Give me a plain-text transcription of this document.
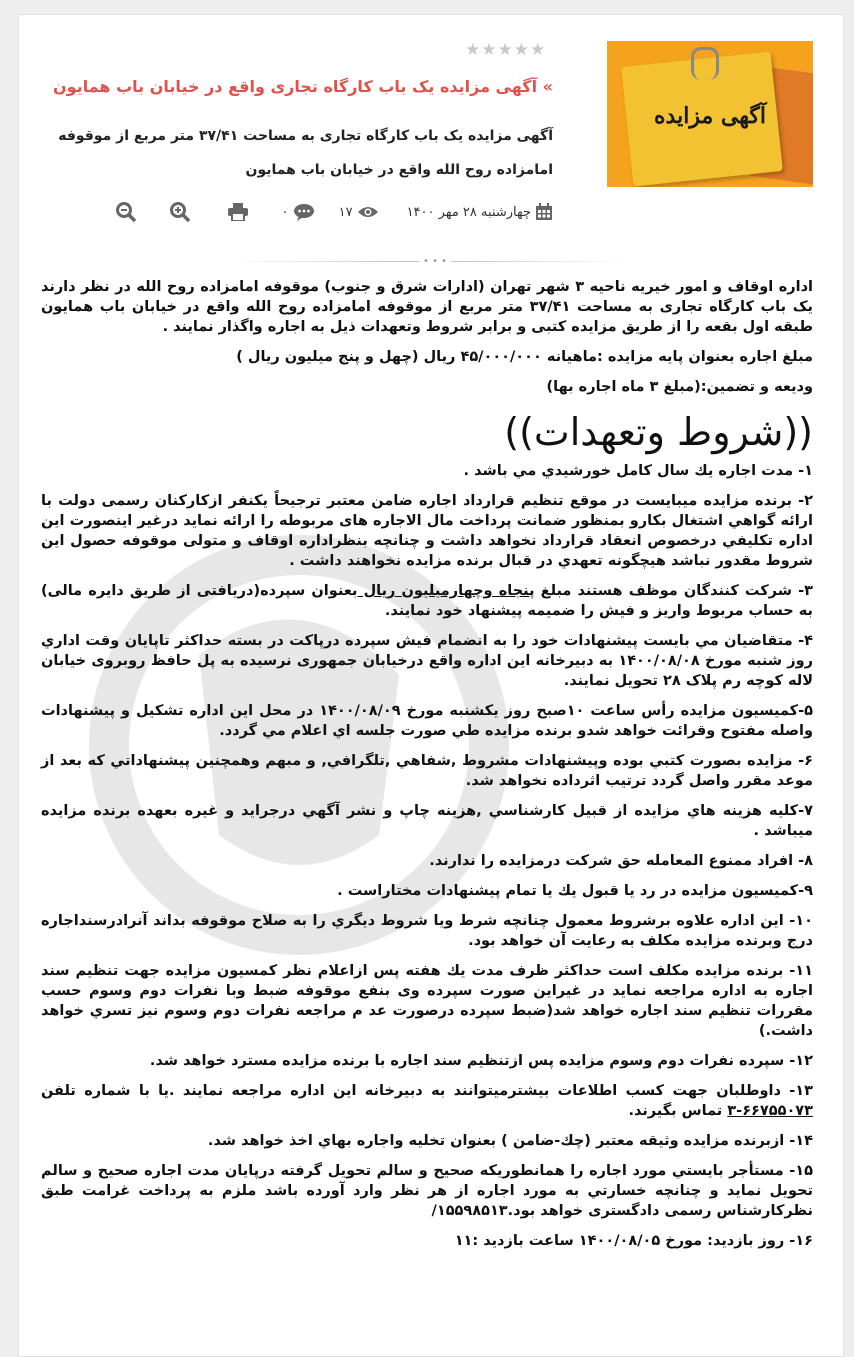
آگهی مزایده
★★★★★
» آگهی مزایده یک باب کارگاه تجاری واقع در خیابان باب همایون
آگهی مزایده یک باب کارگاه تجاری به مساحت ۳۷/۴۱ متر مربع از موقوفه امامزاده روح الله واقع در خیابان باب همایون
چهارشنبه ۲۸ مهر ۱۴۰۰
۱۷
۰
• • •

اداره اوقاف و امور خیریه ناحیه ۳ شهر تهران (ادارات شرق و جنوب) موقوفه امامزاده روح الله در نظر دارند یک باب کارگاه تجاری به مساحت ۳۷/۴۱ متر مربع از موقوفه امامزاده روح الله واقع در خیابان باب همایون طبقه اول بقعه را از طریق مزایده کتبی و برابر شروط وتعهدات ذیل به اجاره واگذار نمایند .

مبلغ اجاره بعنوان پایه مزایده :ماهیانه ۴۵/۰۰۰/۰۰۰ ریال (چهل و پنج میلیون ریال )

ودیعه و تضمین:(مبلغ ۳ ماه اجاره بها)

((شروط وتعهدات))

۱- مدت اجاره يك سال كامل خورشيدي مي باشد .

۲- برنده مزایده میبایست در موقع تنظیم قرارداد اجاره ضامن معتبر ترجیحاً یکنفر ازکارکنان رسمی دولت با ارائه گواهي اشتغال بکارو بمنظور ضمانت پرداخت مال الاجاره های مربوطه را ارائه نماید درغیر اینصورت این اداره تکلیفي درخصوص انعقاد قرارداد نخواهد داشت و چنانچه بنظراداره اوقاف و متولی موقوفه حصول این شروط مقدور نباشد هيچگونه تعهدي در قبال برنده مزايده نخواهند داشت .

۳- شرکت کنندگان موظف هستند مبلغ پنجاه وچهارمیلیون ریال بعنوان سپرده(دریافتی از طریق دایره مالی) به حساب مربوط واريز و فیش را ضمیمه پیشنهاد خود نمایند.

۴- متقاضيان مي بايست پيشنهادات خود را به انضمام فيش سپرده درپاكت در بسته حداكثر تاپايان وقت اداري روز شنبه مورخ ۱۴۰۰/۰۸/۰۸ به دبيرخانه این اداره واقع درخیابان جمهوری نرسیده به پل حافظ روبروی خیابان لاله کوچه رم پلاک ۲۸ تحويل نمايند.

۵-كميسيون مزايده رأس ساعت ۱۰صبح روز یکشنبه مورخ ۱۴۰۰/۰۸/۰۹ در محل این اداره تشكيل و پيشنهادات واصله مفتوح وقرائت خواهد شدو برنده مزايده طي صورت جلسه اي اعلام مي گردد.

۶- مزايده بصورت كتبي بوده وپيشنهادات مشروط ,شفاهي ,تلگرافي, و مبهم وهمچنين پيشنهاداتي كه بعد از موعد مقرر واصل گردد ترتيب اثرداده نخواهد شد.

۷-كليه هزينه هاي مزايده از قبيل كارشناسي ,هزينه چاپ و نشر آگهي درجرايد و غيره بعهده برنده مزايده ميباشد .

۸- افراد ممنوع المعامله حق شركت درمزايده را ندارند.

۹-كميسيون مزايده در رد يا قبول يك يا تمام پيشنهادات مختاراست .

۱۰- اين اداره علاوه برشروط معمول چنانچه شرط ويا شروط ديگري را به صلاح موقوفه بداند آنرادرسنداجاره درج وبرنده مزايده مكلف به رعايت آن خواهد بود.

۱۱- برنده مزايده مكلف است حداكثر ظرف مدت يك هفته پس ازاعلام نظر كمسيون مزايده جهت تنظیم سند اجاره به اداره مراجعه نماید در غیراین صورت سپرده وی بنفع موقوفه ضبط وبا نفرات دوم وسوم حسب مقررات تنظیم سند اجاره خواهد شد(ضبط سپرده درصورت عد م مراجعه نفرات دوم وسوم نيز تسري خواهد داشت.)

۱۲- سپرده نفرات دوم وسوم مزایده پس ازتنظیم سند اجاره با برنده مزايده مسترد خواهد شد.

۱۳- داوطلبان جهت كسب اطلاعات بيشترميتوانند به دبيرخانه این اداره مراجعه نمايند .يا با شماره تلفن ۶۶۷۵۵۰۷۳-۳ تماس بگیرند.

۱۴- ازبرنده مزايده وثيقه معتبر (چك-ضامن ) بعنوان تخليه واجاره بهاي اخذ خواهد شد.

۱۵- مستأجر بايستي مورد اجاره را همانطوريكه صحيح و سالم تحويل گرفته درپايان مدت اجاره صحيح و سالم تحويل نمايد و چنانچه خسارتي به مورد اجاره از هر نظر وارد آورده باشد ملزم به پرداخت غرامت طبق نظركارشناس رسمی دادگستری خواهد بود.۱۵۵۹۸۵۱۳/

۱۶- روز بازدید: مورخ ۱۴۰۰/۰۸/۰۵ ساعت بازدید :۱۱
